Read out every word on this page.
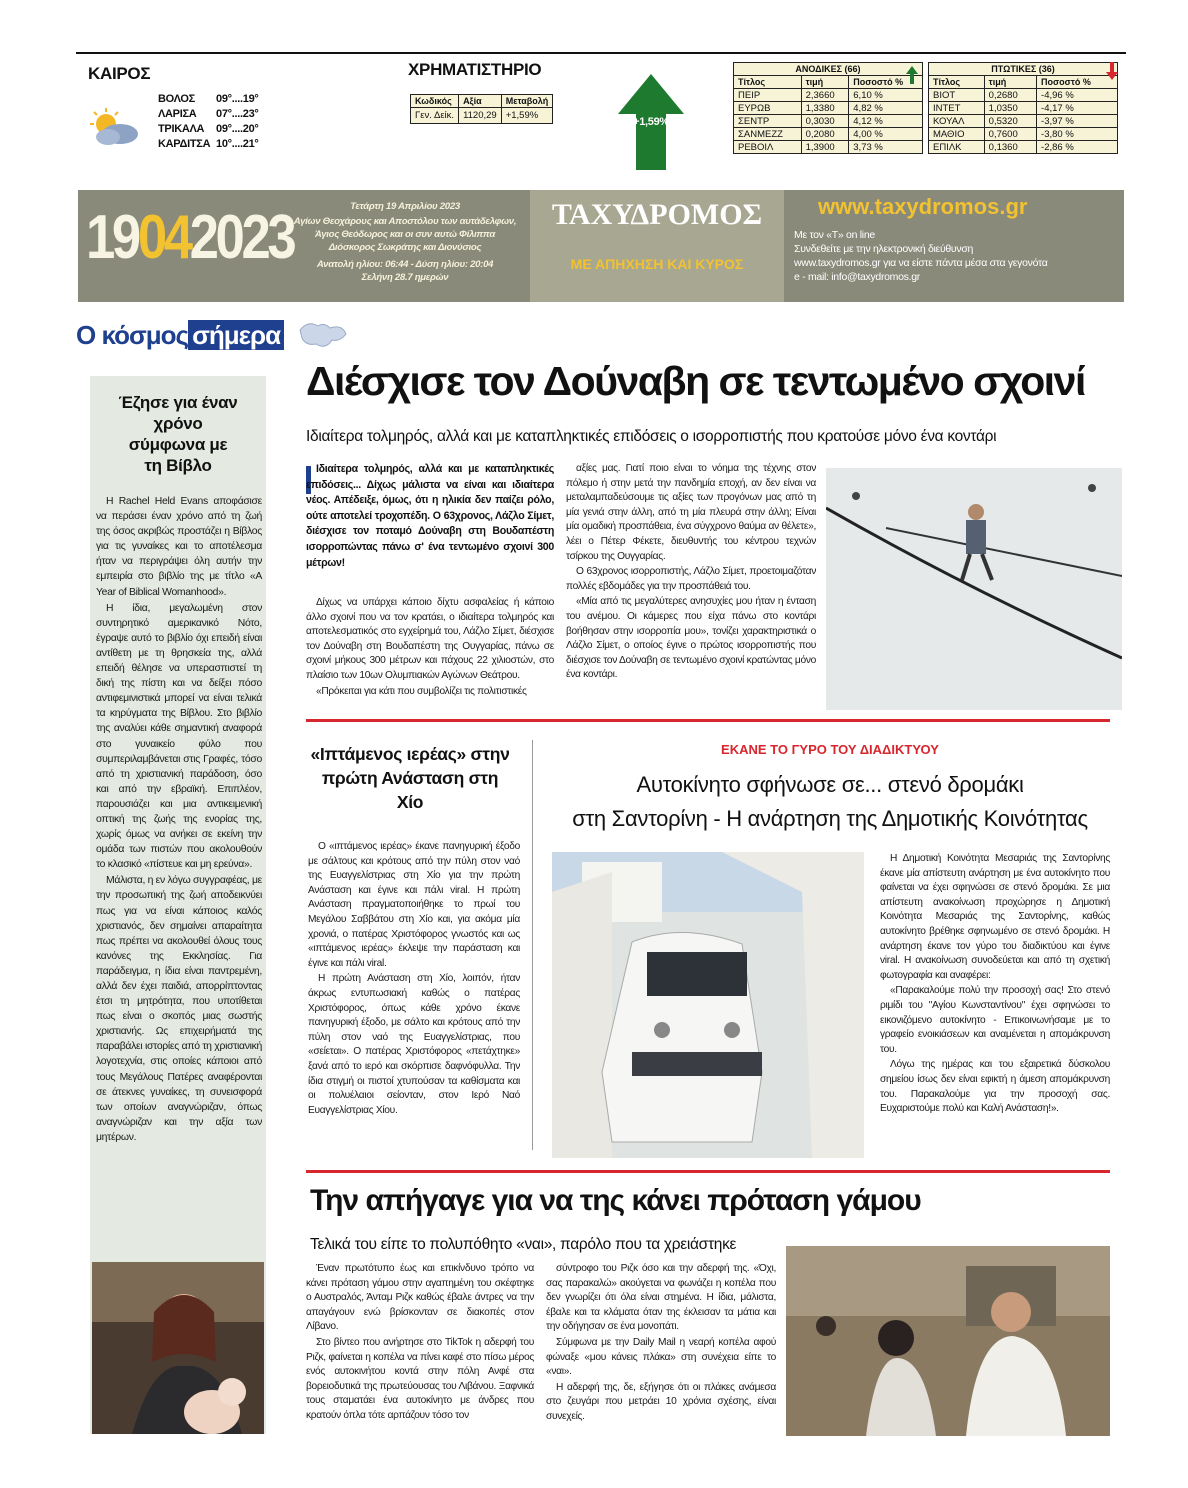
ΚΑΙΡΟΣ
ΒΟΛΟΣ 09°....19°
ΛΑΡΙΣΑ 07°....23°
ΤΡΙΚΑΛΑ 09°....20°
ΚΑΡΔΙΤΣΑ 10°....21°
ΧΡΗΜΑΤΙΣΤΗΡΙΟ
Κωδικός	Αξία	Μεταβολή
Γεν. Δείκ.	1120,29	+1,59%
+1,59%
ΑΝΟΔΙΚΕΣ (66)		
Τίτλος	τιμή	Ποσοστό %
ΠΕΙΡ	2,3660	6,10 %
ΕΥΡΩΒ	1,3380	4,82 %
ΣΕΝΤΡ	0,3030	4,12 %
ΣΑΝΜΕΖΖ	0,2080	4,00 %
ΡΕΒΟΙΛ	1,3900	3,73 %
ΠΤΩΤΙΚΕΣ (36)		
Τίτλος	τιμή	Ποσοστό %
ΒΙΟΤ	0,2680	-4,96 %
ΙΝΤΕΤ	1,0350	-4,17 %
ΚΟΥΑΛ	0,5320	-3,97 %
ΜΑΘΙΟ	0,7600	-3,80 %
ΕΠΙΛΚ	0,1360	-2,86 %
19042023	Τετάρτη 19 Απριλίου 2023
Αγίων Θεοχάρους και Αποστόλου των αυτάδελφων,
Άγιος Θεόδωρος και οι συν αυτώ Φίλιππα
Διόσκορος Σωκράτης και Διονύσιος
Ανατολή ηλίου: 06:44 - Δύση ηλίου: 20:04
Σελήνη 28.7 ημερών
ΤΑΧΥΔΡΟΜΟΣ
ΜΕ ΑΠΗΧΗΣΗ ΚΑΙ ΚΥΡΟΣ
www.taxydromos.gr
Με τον «Τ» on line
Συνδεθείτε με την ηλεκτρονική διεύθυνση
www.taxydromos.gr για να είστε πάντα μέσα στα γεγονότα
e - mail: info@taxydromos.gr
Ο κόσμος σήμερα
Έζησε για έναν χρόνο σύμφωνα με τη Βίβλο

Η Rachel Held Evans αποφάσισε να περάσει έναν χρόνο από τη ζωή της όσος ακριβώς προστάζει η Βίβλος για τις γυναίκες και το αποτέλεσμα ήταν να περιγράψει όλη αυτήν την εμπειρία στο βιβλίο της με τίτλο «A Year of Biblical Womanhood».

Η ίδια, μεγαλωμένη στον συντηρητικό αμερικανικό Νότο, έγραψε αυτό το βιβλίο όχι επειδή είναι αντίθετη με τη θρησκεία της, αλλά επειδή θέλησε να υπερασπιστεί τη δική της πίστη και να δείξει πόσο αντιφεμινιστικά μπορεί να είναι τελικά τα κηρύγματα της Βίβλου. Στο βιβλίο της αναλύει κάθε σημαντική αναφορά στο γυναικείο φύλο που συμπεριλαμβάνεται στις Γραφές, τόσο από τη χριστιανική παράδοση, όσο και από την εβραϊκή. Επιπλέον, παρουσιάζει και μια αντικειμενική οπτική της ζωής της ενορίας της, χωρίς όμως να ανήκει σε εκείνη την ομάδα των πιστών που ακολουθούν το κλασικό «πίστευε και μη ερεύνα».

Μάλιστα, η εν λόγω συγγραφέας, με την προσωπική της ζωή αποδεικνύει πως για να είναι κάποιος καλός χριστιανός, δεν σημαίνει απαραίτητα πως πρέπει να ακολουθεί όλους τους κανόνες της Εκκλησίας. Για παράδειγμα, η ίδια είναι παντρεμένη, αλλά δεν έχει παιδιά, απορρίπτοντας έτσι τη μητρότητα, που υποτίθεται πως είναι ο σκοπός μιας σωστής χριστιανής. Ως επιχειρήματά της παραβάλει ιστορίες από τη χριστιανική λογοτεχνία, στις οποίες κάποιοι από τους Μεγάλους Πατέρες αναφέρονται σε άτεκνες γυναίκες, τη συνεισφορά των οποίων αναγνώριζαν, όπως αναγνώριζαν και την αξία των μητέρων.

Διέσχισε τον Δούναβη σε τεντωμένο σχοινί
Ιδιαίτερα τολμηρός, αλλά και με καταπληκτικές επιδόσεις ο ισορροπιστής που κρατούσε μόνο ένα κοντάρι
Ιδιαίτερα τολμηρός, αλλά και με καταπληκτικές επιδόσεις... Δίχως μάλιστα να είναι και ιδιαίτερα νέος. Απέδειξε, όμως, ότι η ηλικία δεν παίζει ρόλο, ούτε αποτελεί τροχοπέδη. Ο 63χρονος, Λάζλο Σίμετ, διέσχισε τον ποταμό Δούναβη στη Βουδαπέστη ισορροπώντας πάνω σ' ένα τεντωμένο σχοινί 300 μέτρων!

Δίχως να υπάρχει κάποιο δίχτυ ασφαλείας ή κάποιο άλλο σχοινί που να τον κρατάει, ο ιδιαίτερα τολμηρός και αποτελεσματικός στο εγχείρημά του, Λάζλο Σίμετ, διέσχισε τον Δούναβη στη Βουδαπέστη της Ουγγαρίας, πάνω σε σχοινί μήκους 300 μέτρων και πάχους 22 χιλιοστών, στο πλαίσιο των 10ων Ολυμπιακών Αγώνων Θεάτρου.

«Πρόκειται για κάτι που συμβολίζει τις πολιτιστικές

αξίες μας. Γιατί ποιο είναι το νόημα της τέχνης στον πόλεμο ή στην μετά την πανδημία εποχή, αν δεν είναι να μεταλαμπαδεύσουμε τις αξίες των προγόνων μας από τη μία γενιά στην άλλη, από τη μία πλευρά στην άλλη; Είναι μία ομαδική προσπάθεια, ένα σύγχρονο θαύμα αν θέλετε», λέει ο Πέτερ Φέκετε, διευθυντής του κέντρου τεχνών τσίρκου της Ουγγαρίας.

Ο 63χρονος ισορροπιστής, Λάζλο Σίμετ, προετοιμαζόταν πολλές εβδομάδες για την προσπάθειά του.

«Μία από τις μεγαλύτερες ανησυχίες μου ήταν η ένταση του ανέμου. Οι κάμερες που είχα πάνω στο κοντάρι βοήθησαν στην ισορροπία μου», τονίζει χαρακτηριστικά ο Λάζλο Σίμετ, ο οποίος έγινε ο πρώτος ισορροπιστής που διέσχισε τον Δούναβη σε τεντωμένο σχοινί κρατώντας μόνο ένα κοντάρι.

«Ιπτάμενος ιερέας» στην πρώτη Ανάσταση στη Χίο

Ο «ιπτάμενος ιερέας» έκανε πανηγυρική έξοδο με σάλτους και κρότους από την πύλη στον ναό της Ευαγγελίστριας στη Χίο για την πρώτη Ανάσταση και έγινε και πάλι viral. Η πρώτη Ανάσταση πραγματοποιήθηκε το πρωί του Μεγάλου Σαββάτου στη Χίο και, για ακόμα μία χρονιά, ο πατέρας Χριστόφορος γνωστός και ως «ιπτάμενος ιερέας» έκλεψε την παράσταση και έγινε και πάλι viral.

Η πρώτη Ανάσταση στη Χίο, λοιπόν, ήταν άκρως εντυπωσιακή καθώς ο πατέρας Χριστόφορος, όπως κάθε χρόνο έκανε πανηγυρική έξοδο, με σάλτο και κρότους από την πύλη στον ναό της Ευαγγελίστριας, που «σείεται». Ο πατέρας Χριστόφορος «πετάχτηκε» ξανά από το ιερό και σκόρπισε δαφνόφυλλα. Την ίδια στιγμή οι πιστοί χτυπούσαν τα καθίσματα και οι πολυέλαιοι σείονταν, στον Ιερό Ναό Ευαγγελίστριας Χίου.

ΕΚΑΝΕ ΤΟ ΓΥΡΟ ΤΟΥ ΔΙΑΔΙΚΤΥΟΥ
Αυτοκίνητο σφήνωσε σε... στενό δρομάκι
στη Σαντορίνη - Η ανάρτηση της Δημοτικής Κοινότητας

Η Δημοτική Κοινότητα Μεσαριάς της Σαντορίνης έκανε μία απίστευτη ανάρτηση με ένα αυτοκίνητο που φαίνεται να έχει σφηνώσει σε στενό δρομάκι. Σε μια απίστευτη ανακοίνωση προχώρησε η Δημοτική Κοινότητα Μεσαριάς της Σαντορίνης, καθώς αυτοκίνητο βρέθηκε σφηνωμένο σε στενό δρομάκι. Η ανάρτηση έκανε τον γύρο του διαδικτύου και έγινε viral. Η ανακοίνωση συνοδεύεται και από τη σχετική φωτογραφία και αναφέρει:

«Παρακαλούμε πολύ την προσοχή σας! Στο στενό ριμίδι του "Αγίου Κωνσταντίνου" έχει σφηνώσει το εικονιζόμενο αυτοκίνητο - Επικοινωνήσαμε με το γραφείο ενοικιάσεων και αναμένεται η απομάκρυνση του.

Λόγω της ημέρας και του εξαιρετικά δύσκολου σημείου ίσως δεν είναι εφικτή η άμεση απομάκρυνση του. Παρακαλούμε για την προσοχή σας. Ευχαριστούμε πολύ και Καλή Ανάσταση!».

Την απήγαγε για να της κάνει πρόταση γάμου
Τελικά του είπε το πολυπόθητο «ναι», παρόλο που τα χρειάστηκε

Έναν πρωτότυπο έως και επικίνδυνο τρόπο να κάνει πρόταση γάμου στην αγαπημένη του σκέφτηκε ο Αυστραλός, Άνταμ Ριζκ καθώς έβαλε άντρες να την απαγάγουν ενώ βρίσκονταν σε διακοπές στον Λίβανο.

Στο βίντεο που ανήρτησε στο TikTok η αδερφή του Ριζκ, φαίνεται η κοπέλα να πίνει καφέ στο πίσω μέρος ενός αυτοκινήτου κοντά στην πόλη Ανφέ στα βορειοδυτικά της πρωτεύουσας του Λιβάνου. Ξαφνικά τους σταματάει ένα αυτοκίνητο με άνδρες που κρατούν όπλα τότε αρπάζουν τόσο τον

σύντροφο του Ριζκ όσο και την αδερφή της. «Όχι, σας παρακαλώ» ακούγεται να φωνάζει η κοπέλα που δεν γνωρίζει ότι όλα είναι στημένα. Η ίδια, μάλιστα, έβαλε και τα κλάματα όταν της έκλεισαν τα μάτια και την οδήγησαν σε ένα μονοπάτι.

Σύμφωνα με την Daily Mail η νεαρή κοπέλα αφού φώναξε «μου κάνεις πλάκα» στη συνέχεια είπε το «ναι».

Η αδερφή της, δε, εξήγησε ότι οι πλάκες ανάμεσα στο ζευγάρι που μετράει 10 χρόνια σχέσης, είναι συνεχείς.
